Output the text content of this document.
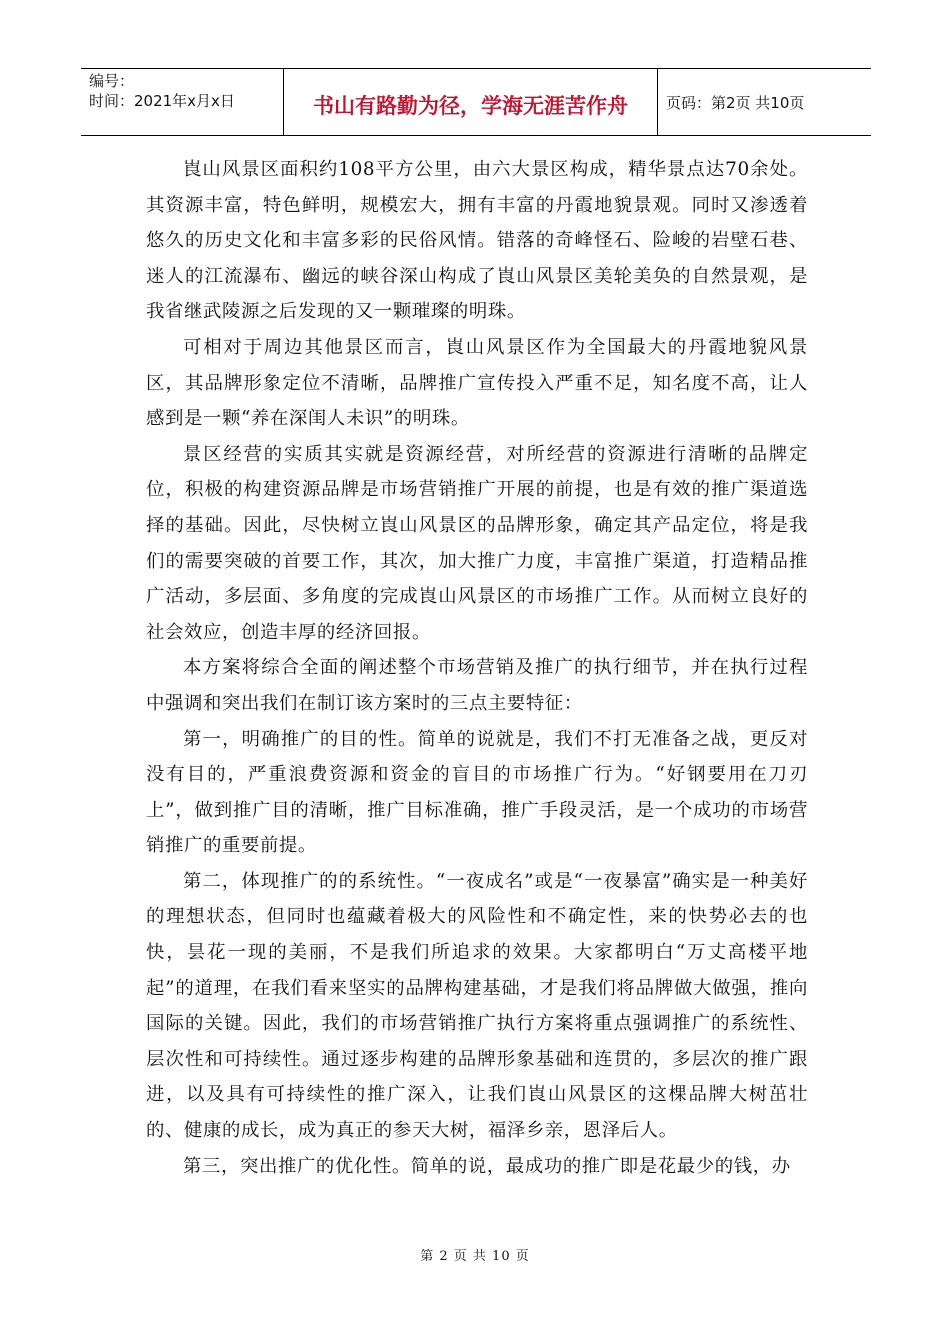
编号：
时间：2021年x月x日	书山有路勤为径，学海无涯苦作舟	页码：第2页 共10页

崀山风景区面积约108平方公里，由六大景区构成，精华景点达70余处。其资源丰富，特色鲜明，规模宏大，拥有丰富的丹霞地貌景观。同时又渗透着悠久的历史文化和丰富多彩的民俗风情。错落的奇峰怪石、险峻的岩壁石巷、迷人的江流瀑布、幽远的峡谷深山构成了崀山风景区美轮美奂的自然景观，是我省继武陵源之后发现的又一颗璀璨的明珠。

可相对于周边其他景区而言，崀山风景区作为全国最大的丹霞地貌风景区，其品牌形象定位不清晰，品牌推广宣传投入严重不足，知名度不高，让人感到是一颗“养在深闺人未识”的明珠。

景区经营的实质其实就是资源经营，对所经营的资源进行清晰的品牌定位，积极的构建资源品牌是市场营销推广开展的前提，也是有效的推广渠道选择的基础。因此，尽快树立崀山风景区的品牌形象，确定其产品定位，将是我们的需要突破的首要工作，其次，加大推广力度，丰富推广渠道，打造精品推广活动，多层面、多角度的完成崀山风景区的市场推广工作。从而树立良好的社会效应，创造丰厚的经济回报。

本方案将综合全面的阐述整个市场营销及推广的执行细节，并在执行过程中强调和突出我们在制订该方案时的三点主要特征：

第一，明确推广的目的性。简单的说就是，我们不打无准备之战，更反对没有目的，严重浪费资源和资金的盲目的市场推广行为。“好钢要用在刀刃上”，做到推广目的清晰，推广目标准确，推广手段灵活，是一个成功的市场营销推广的重要前提。

第二，体现推广的的系统性。“一夜成名”或是“一夜暴富”确实是一种美好的理想状态，但同时也蕴藏着极大的风险性和不确定性，来的快势必去的也快，昙花一现的美丽，不是我们所追求的效果。大家都明白“万丈高楼平地起”的道理，在我们看来坚实的品牌构建基础，才是我们将品牌做大做强，推向国际的关键。因此，我们的市场营销推广执行方案将重点强调推广的系统性、层次性和可持续性。通过逐步构建的品牌形象基础和连贯的，多层次的推广跟进，以及具有可持续性的推广深入，让我们崀山风景区的这棵品牌大树茁壮的、健康的成长，成为真正的参天大树，福泽乡亲，恩泽后人。

第三，突出推广的优化性。简单的说，最成功的推广即是花最少的钱，办

第 2 页 共 10 页
